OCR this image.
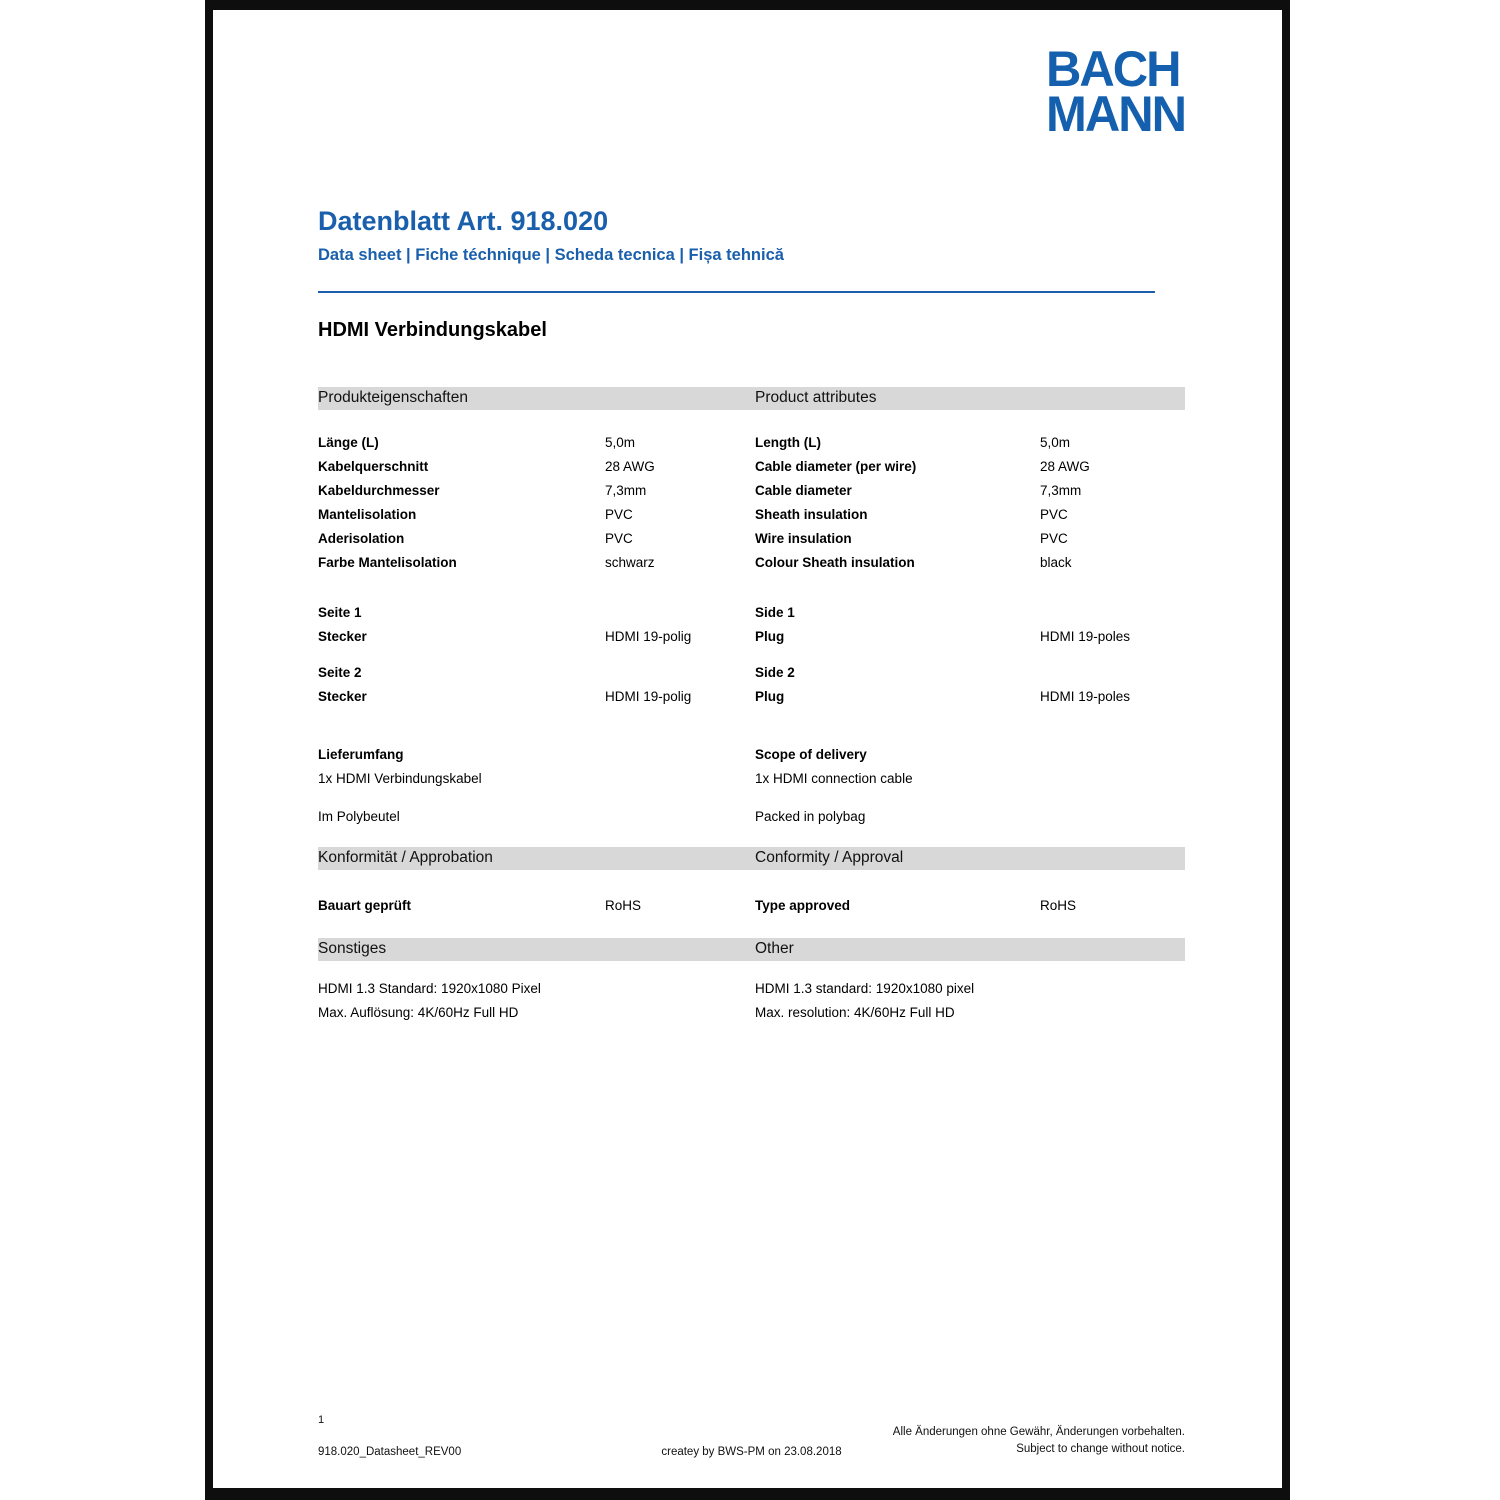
BACH
MANN
Datenblatt Art. 918.020
Data sheet | Fiche téchnique | Scheda tecnica | Fișa tehnică
HDMI Verbindungskabel
Produkteigenschaften	Product attributes
Länge (L)	5,0m	Length (L)	5,0m
Kabelquerschnitt	28 AWG	Cable diameter (per wire)	28 AWG
Kabeldurchmesser	7,3mm	Cable diameter	7,3mm
Mantelisolation	PVC	Sheath insulation	PVC
Aderisolation	PVC	Wire insulation	PVC
Farbe Mantelisolation	schwarz	Colour Sheath insulation	black
Seite 1	Side 1
Stecker	HDMI 19-polig	Plug	HDMI 19-poles
Seite 2	Side 2
Stecker	HDMI 19-polig	Plug	HDMI 19-poles
Lieferumfang	Scope of delivery
1x HDMI Verbindungskabel	1x HDMI connection cable
Im Polybeutel	Packed in polybag
Konformität / Approbation	Conformity / Approval
Bauart geprüft	RoHS	Type approved	RoHS
Sonstiges	Other
HDMI 1.3 Standard: 1920x1080 Pixel	HDMI 1.3 standard: 1920x1080 pixel
Max. Auflösung: 4K/60Hz Full HD	Max. resolution: 4K/60Hz Full HD
1
918.020_Datasheet_REV00	createy by BWS-PM on 23.08.2018
Alle Änderungen ohne Gewähr, Änderungen vorbehalten.
Subject to change without notice.
